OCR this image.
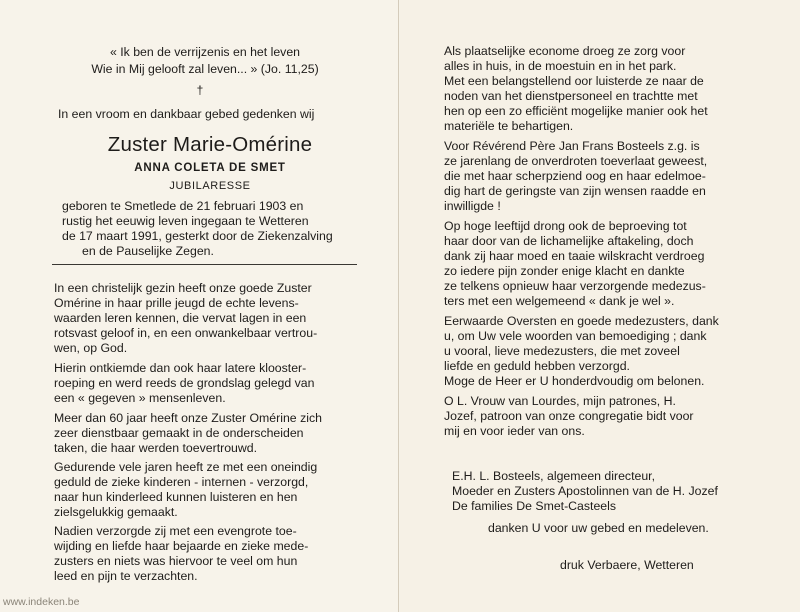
« Ik ben de verrijzenis en het leven
Wie in Mij gelooft zal leven... » (Jo. 11,25)
†
In een vroom en dankbaar gebed gedenken wij
Zuster Marie-Omérine
ANNA COLETA DE SMET
JUBILARESSE
geboren te Smetlede de 21 februari 1903 en
rustig het eeuwig leven ingegaan te Wetteren
de 17 maart 1991, gesterkt door de Ziekenzalving
en de Pauselijke Zegen.
In een christelijk gezin heeft onze goede Zuster
Omérine in haar prille jeugd de echte levens-
waarden leren kennen, die vervat lagen in een
rotsvast geloof in, en een onwankelbaar vertrou-
wen, op God.
Hierin ontkiemde dan ook haar latere klooster-
roeping en werd reeds de grondslag gelegd van
een « gegeven » mensenleven.
Meer dan 60 jaar heeft onze Zuster Omérine zich
zeer dienstbaar gemaakt in de onderscheiden
taken, die haar werden toevertrouwd.
Gedurende vele jaren heeft ze met een oneindig
geduld de zieke kinderen - internen - verzorgd,
naar hun kinderleed kunnen luisteren en hen
zielsgelukkig gemaakt.
Nadien verzorgde zij met een evengrote toe-
wijding en liefde haar bejaarde en zieke mede-
zusters en niets was hiervoor te veel om hun
leed en pijn te verzachten.
www.indeken.be
Als plaatselijke econome droeg ze zorg voor
alles in huis, in de moestuin en in het park.
Met een belangstellend oor luisterde ze naar de
noden van het dienstpersoneel en trachtte met
hen op een zo efficiënt mogelijke manier ook het
materiële te behartigen.
Voor Révérend Père Jan Frans Bosteels z.g. is
ze jarenlang de onverdroten toeverlaat geweest,
die met haar scherpziend oog en haar edelmoe-
dig hart de geringste van zijn wensen raadde en
inwilligde !
Op hoge leeftijd drong ook de beproeving tot
haar door van de lichamelijke aftakeling, doch
dank zij haar moed en taaie wilskracht verdroeg
zo iedere pijn zonder enige klacht en dankte
ze telkens opnieuw haar verzorgende medezus-
ters met een welgemeend « dank je wel ».
Eerwaarde Oversten en goede medezusters, dank
u, om Uw vele woorden van bemoediging ; dank
u vooral, lieve medezusters, die met zoveel
liefde en geduld hebben verzorgd.
Moge de Heer er U honderdvoudig om belonen.
O L. Vrouw van Lourdes, mijn patrones, H.
Jozef, patroon van onze congregatie bidt voor
mij en voor ieder van ons.
E.H. L. Bosteels, algemeen directeur,
Moeder en Zusters Apostolinnen van de H. Jozef
De families De Smet-Casteels
danken U voor uw gebed en medeleven.
druk Verbaere, Wetteren
